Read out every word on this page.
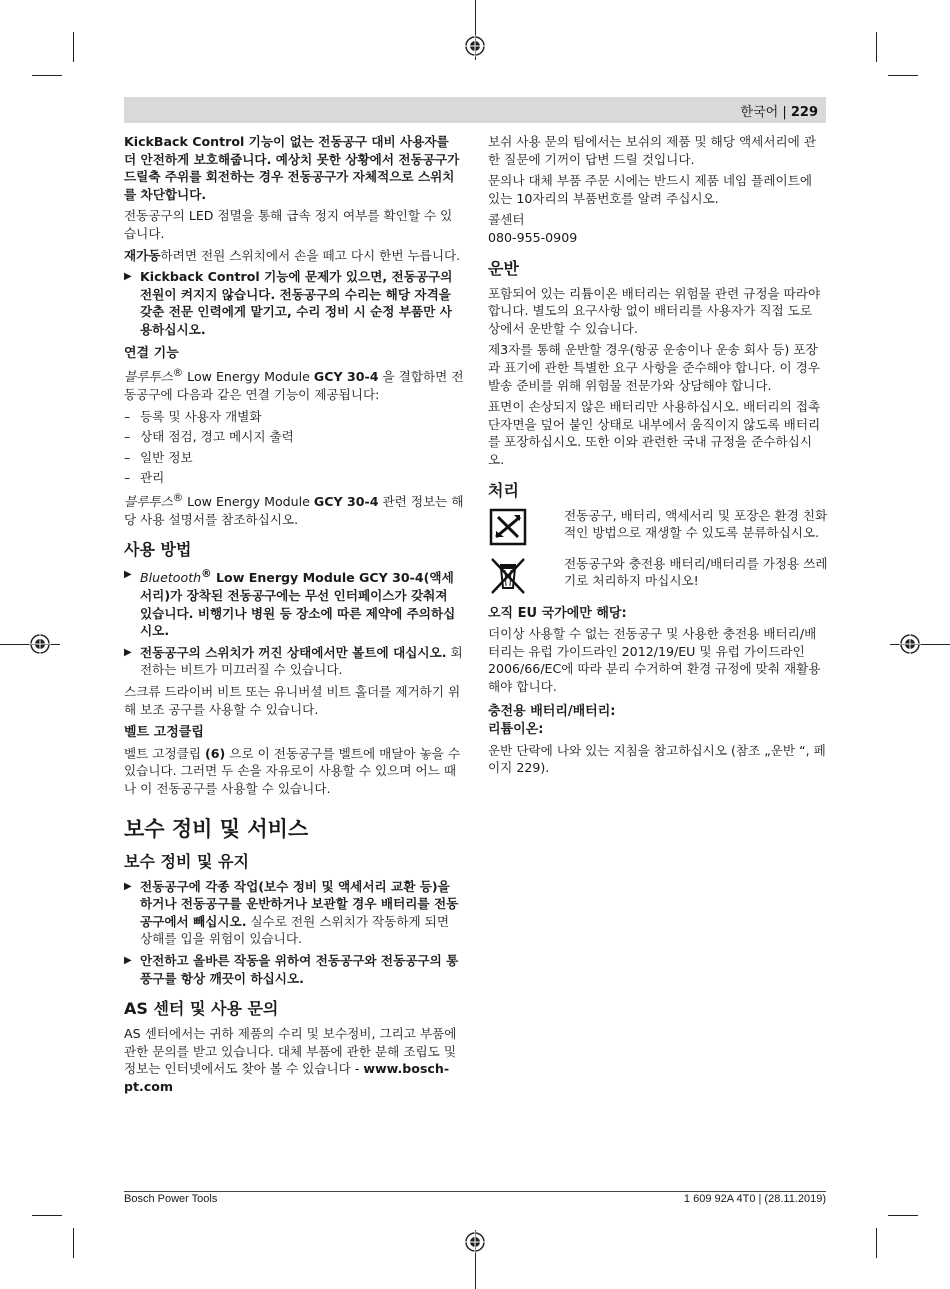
한국어 | 229

KickBack Control 기능이 없는 전동공구 대비 사용자를 더 안전하게 보호해줍니다. 예상치 못한 상황에서 전동공구가 드릴축 주위를 회전하는 경우 전동공구가 자체적으로 스위치를 차단합니다.

전동공구의 LED 점멸을 통해 급속 정지 여부를 확인할 수 있습니다.

재가동하려면 전원 스위치에서 손을 떼고 다시 한번 누릅니다.

▶ Kickback Control 기능에 문제가 있으면, 전동공구의 전원이 켜지지 않습니다. 전동공구의 수리는 해당 자격을 갖춘 전문 인력에게 맡기고, 수리 정비 시 순정 부품만 사용하십시오.
연결 기능

블루투스® Low Energy Module GCY 30-4 을 결합하면 전동공구에 다음과 같은 연결 기능이 제공됩니다:

– 등록 및 사용자 개별화
– 상태 점검, 경고 메시지 출력
– 일반 정보
– 관리

블루투스® Low Energy Module GCY 30-4 관련 정보는 해당 사용 설명서를 참조하십시오.

사용 방법
▶ Bluetooth® Low Energy Module GCY 30-4(액세서리)가 장착된 전동공구에는 무선 인터페이스가 갖춰져 있습니다. 비행기나 병원 등 장소에 따른 제약에 주의하십시오.
▶ 전동공구의 스위치가 꺼진 상태에서만 볼트에 대십시오. 회전하는 비트가 미끄러질 수 있습니다.

스크류 드라이버 비트 또는 유니버셜 비트 홀더를 제거하기 위해 보조 공구를 사용할 수 있습니다.

벨트 고정클립

벨트 고정클립 (6) 으로 이 전동공구를 벨트에 매달아 놓을 수 있습니다. 그러면 두 손을 자유로이 사용할 수 있으며 어느 때나 이 전동공구를 사용할 수 있습니다.

보수 정비 및 서비스
보수 정비 및 유지
▶ 전동공구에 각종 작업(보수 정비 및 액세서리 교환 등)을 하거나 전동공구를 운반하거나 보관할 경우 배터리를 전동공구에서 빼십시오. 실수로 전원 스위치가 작동하게 되면 상해를 입을 위험이 있습니다.
▶ 안전하고 올바른 작동을 위하여 전동공구와 전동공구의 통풍구를 항상 깨끗이 하십시오.
AS 센터 및 사용 문의

AS 센터에서는 귀하 제품의 수리 및 보수정비, 그리고 부품에 관한 문의를 받고 있습니다. 대체 부품에 관한 분해 조립도 및 정보는 인터넷에서도 찾아 볼 수 있습니다 - www.bosch-pt.com

보쉬 사용 문의 팀에서는 보쉬의 제품 및 해당 액세서리에 관한 질문에 기꺼이 답변 드릴 것입니다.

문의나 대체 부품 주문 시에는 반드시 제품 네임 플레이트에 있는 10자리의 부품번호를 알려 주십시오.

콜센터

080-955-0909

운반

포함되어 있는 리튬이온 배터리는 위험물 관련 규정을 따라야 합니다. 별도의 요구사항 없이 배터리를 사용자가 직접 도로 상에서 운반할 수 있습니다.

제3자를 통해 운반할 경우(항공 운송이나 운송 회사 등) 포장과 표기에 관한 특별한 요구 사항을 준수해야 합니다. 이 경우 발송 준비를 위해 위험물 전문가와 상담해야 합니다.

표면이 손상되지 않은 배터리만 사용하십시오. 배터리의 접촉 단자면을 덮어 붙인 상태로 내부에서 움직이지 않도록 배터리를 포장하십시오. 또한 이와 관련한 국내 규정을 준수하십시오.

처리
전동공구, 배터리, 액세서리 및 포장은 환경 친화적인 방법으로 재생할 수 있도록 분류하십시오.
전동공구와 충전용 배터리/배터리를 가정용 쓰레기로 처리하지 마십시오!
오직 EU 국가에만 해당:

더이상 사용할 수 없는 전동공구 및 사용한 충전용 배터리/배터리는 유럽 가이드라인 2012/19/EU 및 유럽 가이드라인 2006/66/EC에 따라 분리 수거하여 환경 규정에 맞춰 재활용해야 합니다.

충전용 배터리/배터리:
리튬이온:

운반 단락에 나와 있는 지침을 참고하십시오 (참조 „운반 “, 페이지 229).

Bosch Power Tools	1 609 92A 4T0 | (28.11.2019)
